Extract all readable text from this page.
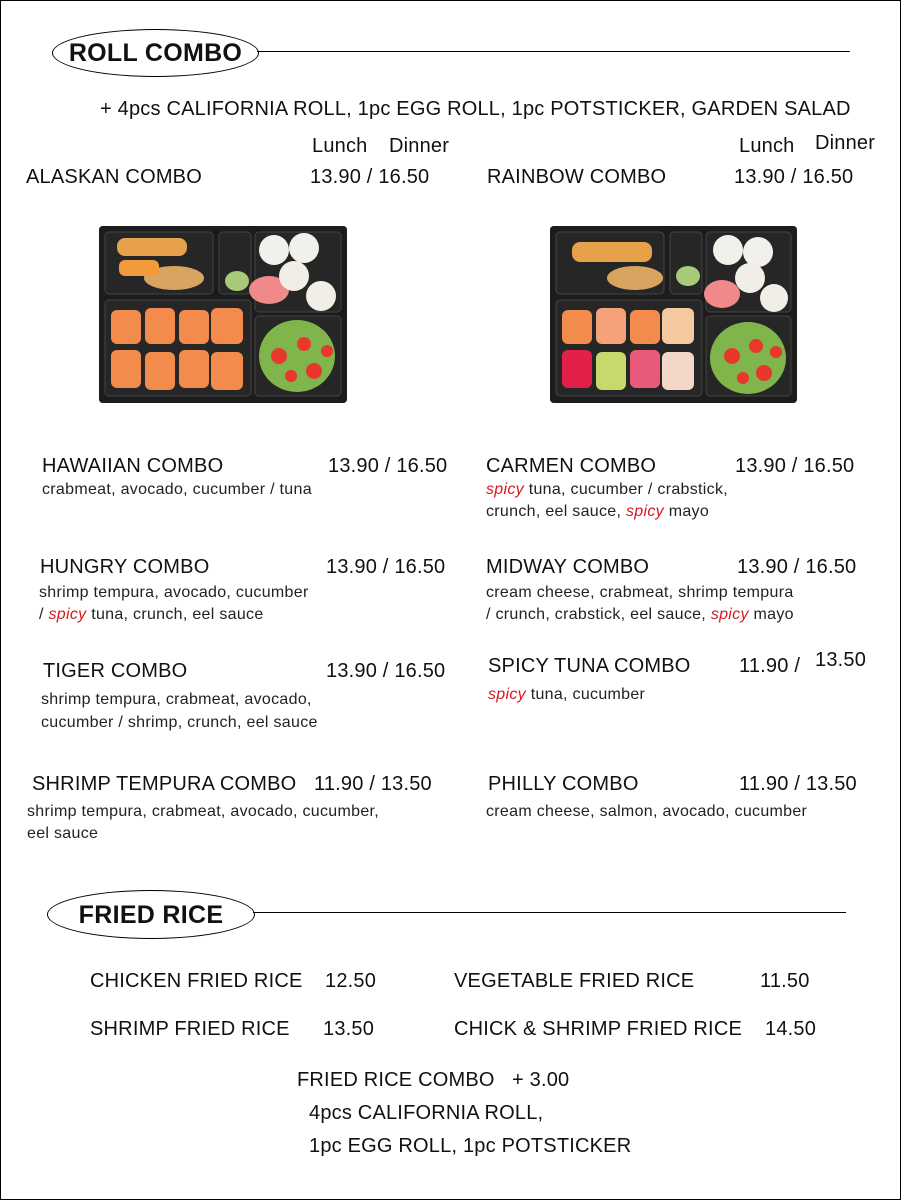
ROLL COMBO
+ 4pcs CALIFORNIA ROLL, 1pc EGG ROLL, 1pc POTSTICKER, GARDEN SALAD
Lunch Dinner	Lunch Dinner
ALASKAN COMBO	13.90 / 16.50	RAINBOW COMBO	13.90 / 16.50
HAWAIIAN COMBO	13.90 / 16.50
crabmeat, avocado, cucumber / tuna
CARMEN COMBO	13.90 / 16.50
spicy tuna, cucumber / crabstick,
crunch, eel sauce, spicy mayo
HUNGRY COMBO	13.90 / 16.50
shrimp tempura, avocado, cucumber
/ spicy tuna, crunch, eel sauce
MIDWAY COMBO	13.90 / 16.50
cream cheese, crabmeat, shrimp tempura
/ crunch, crabstick, eel sauce, spicy mayo
TIGER COMBO	13.90 / 16.50
shrimp tempura, crabmeat, avocado,
cucumber / shrimp, crunch, eel sauce
SPICY TUNA COMBO 11.90 / 13.50
spicy tuna, cucumber
SHRIMP TEMPURA COMBO 11.90 / 13.50
shrimp tempura, crabmeat, avocado, cucumber,
eel sauce
PHILLY COMBO	11.90 / 13.50
cream cheese, salmon, avocado, cucumber
FRIED RICE
CHICKEN FRIED RICE 12.50	VEGETABLE FRIED RICE	11.50
SHRIMP FRIED RICE 13.50	CHICK & SHRIMP FRIED RICE 14.50
FRIED RICE COMBO + 3.00
4pcs CALIFORNIA ROLL,
1pc EGG ROLL, 1pc POTSTICKER
